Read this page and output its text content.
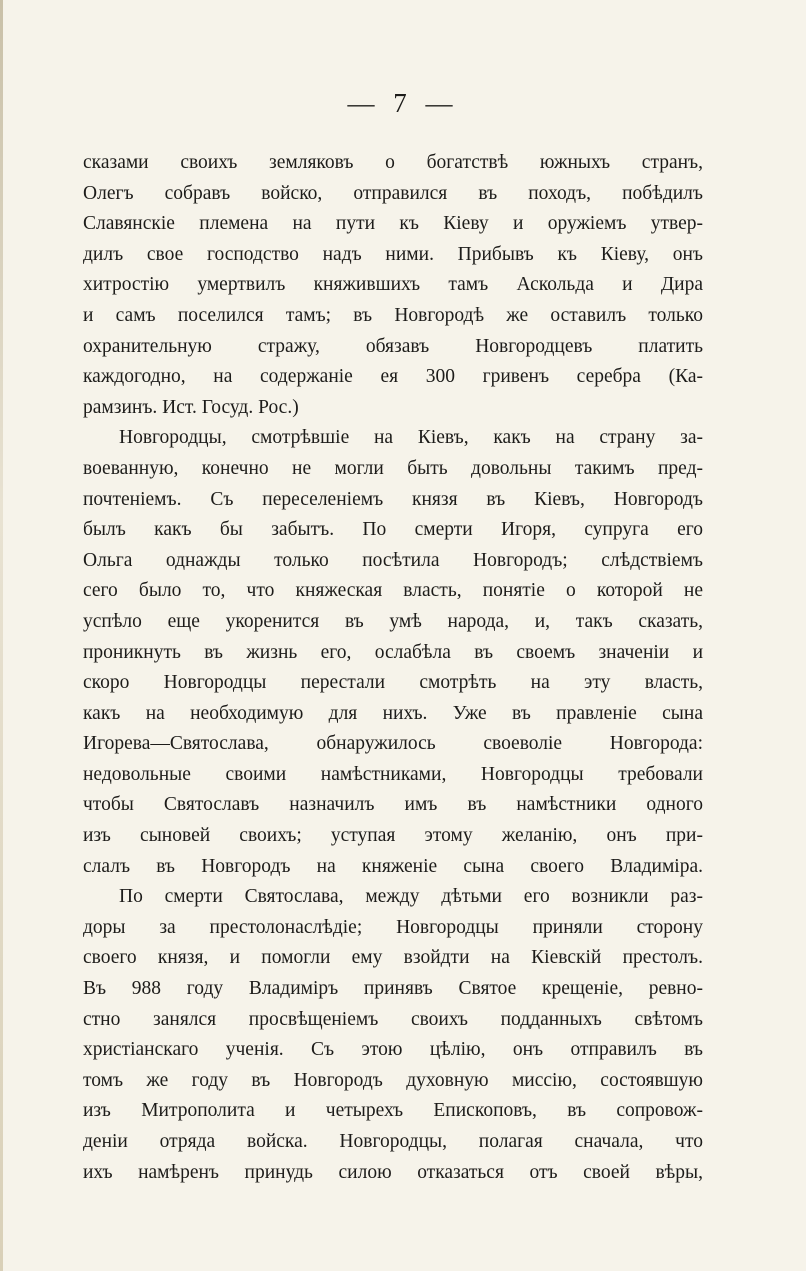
— 7 —
сказами своихъ земляковъ о богатствѣ южныхъ странъ,
Олегъ собравъ войско, отправился въ походъ, побѣдилъ
Славянскіе племена на пути къ Кіеву и оружіемъ утвер-
дилъ свое господство надъ ними. Прибывъ къ Кіеву, онъ
хитростію умертвилъ княжившихъ тамъ Аскольда и Дира
и самъ поселился тамъ; въ Новгородѣ же оставилъ только
охранительную стражу, обязавъ Новгородцевъ платить
каждогодно, на содержаніе ея 300 гривенъ серебра (Ка-
рамзинъ. Ист. Госуд. Рос.)
Новгородцы, смотрѣвшіе на Кіевъ, какъ на страну за-
воеванную, конечно не могли быть довольны такимъ пред-
почтеніемъ. Съ переселеніемъ князя въ Кіевъ, Новгородъ
былъ какъ бы забытъ. По смерти Игоря, супруга его
Ольга однажды только посѣтила Новгородъ; слѣдствіемъ
сего было то, что княжеская власть, понятіе о которой не
успѣло еще укоренится въ умѣ народа, и, такъ сказать,
проникнуть въ жизнь его, ослабѣла въ своемъ значеніи и
скоро Новгородцы перестали смотрѣть на эту власть,
какъ на необходимую для нихъ. Уже въ правленіе сына
Игорева—Святослава, обнаружилось своеволіе Новгорода:
недовольные своими намѣстниками, Новгородцы требовали
чтобы Святославъ назначилъ имъ въ намѣстники одного
изъ сыновей своихъ; уступая этому желанію, онъ при-
слалъ въ Новгородъ на княженіе сына своего Владиміра.
По смерти Святослава, между дѣтьми его возникли раз-
доры за престолонаслѣдіе; Новгородцы приняли сторону
своего князя, и помогли ему взойдти на Кіевскій престолъ.
Въ 988 году Владиміръ принявъ Святое крещеніе, ревно-
стно занялся просвѣщеніемъ своихъ подданныхъ свѣтомъ
христіанскаго ученія. Съ этою цѣлію, онъ отправилъ въ
томъ же году въ Новгородъ духовную миссію, состоявшую
изъ Митрополита и четырехъ Епископовъ, въ сопровож-
деніи отряда войска. Новгородцы, полагая сначала, что
ихъ намѣренъ принудь силою отказаться отъ своей вѣры,
